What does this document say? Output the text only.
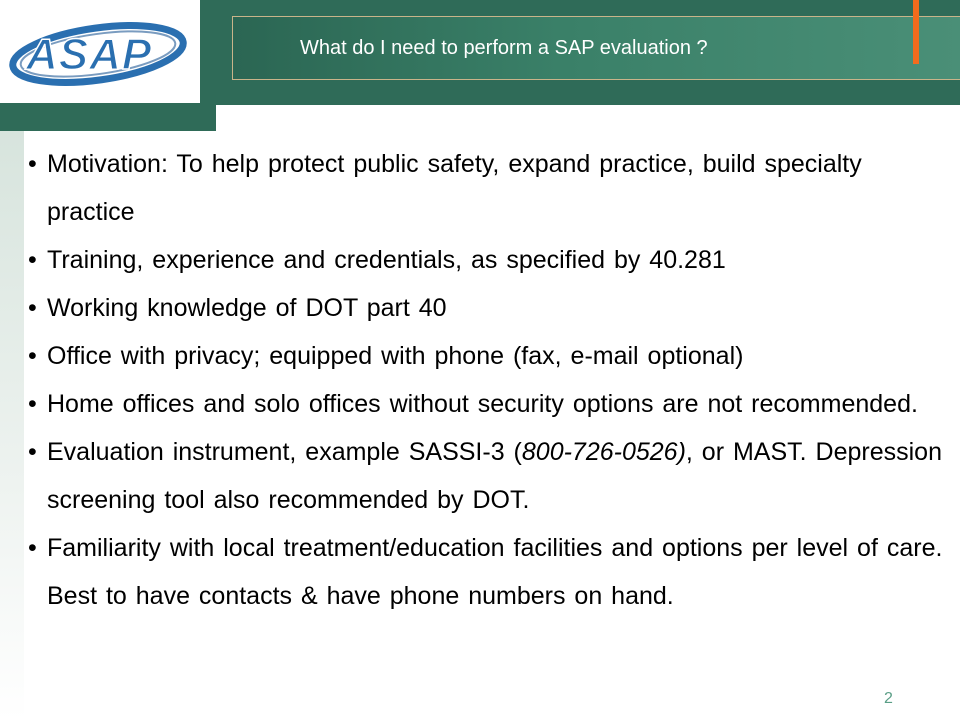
ASAP	What do I need to perform a SAP evaluation ?
• Motivation: To help protect public safety, expand practice, build specialty practice
• Training, experience and credentials, as specified by 40.281
• Working knowledge of DOT part 40
• Office with privacy; equipped with phone (fax, e-mail optional)
• Home offices and solo offices without security options are not recommended.
• Evaluation instrument, example SASSI-3 (800-726-0526), or MAST. Depression screening tool also recommended by DOT.
• Familiarity with local treatment/education facilities and options per level of care. Best to have contacts & have phone numbers on hand.
2
